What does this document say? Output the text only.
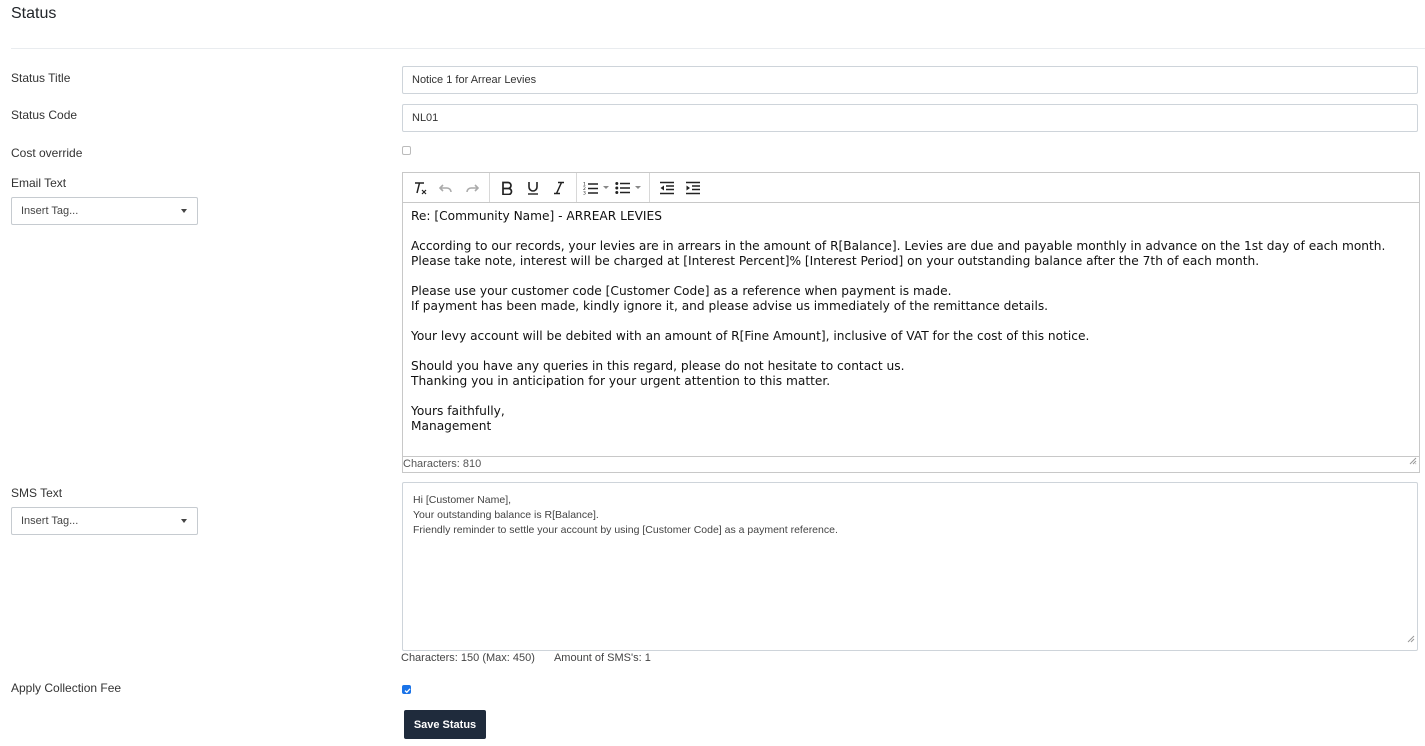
Status
Status Title
Notice 1 for Arrear Levies
Status Code
NL01
Cost override
Email Text
Insert Tag...
1
2
3

Re: [Community Name] - ARREAR LEVIES

According to our records, your levies are in arrears in the amount of R[Balance]. Levies are due and payable monthly in advance on the 1st day of each month.

Please take note, interest will be charged at [Interest Percent]% [Interest Period] on your outstanding balance after the 7th of each month.

Please use your customer code [Customer Code] as a reference when payment is made.

If payment has been made, kindly ignore it, and please advise us immediately of the remittance details.

Your levy account will be debited with an amount of R[Fine Amount], inclusive of VAT for the cost of this notice.

Should you have any queries in this regard, please do not hesitate to contact us.

Thanking you in anticipation for your urgent attention to this matter.

Yours faithfully,

Management

Characters: 810
SMS Text
Insert Tag...
Hi [Customer Name],
Your outstanding balance is R[Balance].
Friendly reminder to settle your account by using [Customer Code] as a payment reference.
Characters: 150 (Max: 450) Amount of SMS's: 1
Apply Collection Fee
Save Status
